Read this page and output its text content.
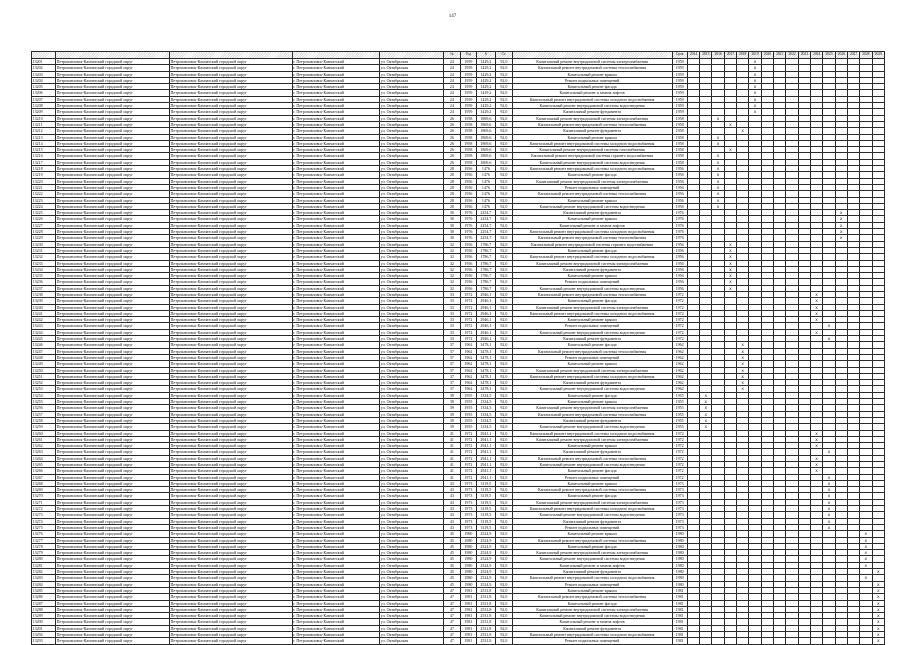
147
					№	Год	S	Ст.		Срок	2014	2015	2016	2017	2018	2019	2020	2021	2022	2023	2024	2025	2026	2027	2028	2029
13201	Петропавловск-Камчатский городской округ	Петропавловск-Камчатский городской округ	г. Петропавловск-Камчатский	ул. Октябрьская	24	1959	1429,2	92,0	Капитальный ремонт внутридомовой системы электроснабжения	1959						X										
13202	Петропавловск-Камчатский городской округ	Петропавловск-Камчатский городской округ	г. Петропавловск-Камчатский	ул. Октябрьская	24	1959	1429,2	92,0	Капитальный ремонт внутридомовой системы теплоснабжения	1959						X										
13203	Петропавловск-Камчатский городской округ	Петропавловск-Камчатский городской округ	г. Петропавловск-Камчатский	ул. Октябрьская	24	1959	1429,2	92,0	Капитальный ремонт крыши	1959						X										
13204	Петропавловск-Камчатский городской округ	Петропавловск-Камчатский городской округ	г. Петропавловск-Камчатский	ул. Октябрьская	24	1959	1429,2	92,0	Ремонт подвальных помещений	1959						X										
13205	Петропавловск-Камчатский городской округ	Петропавловск-Камчатский городской округ	г. Петропавловск-Камчатский	ул. Октябрьская	24	1959	1429,2	92,0	Капитальный ремонт фасада	1959						X										
13206	Петропавловск-Камчатский городской округ	Петропавловск-Камчатский городской округ	г. Петропавловск-Камчатский	ул. Октябрьская	24	1959	1429,2	92,0	Капитальный ремонт и замена лифтов	1959						X										
13207	Петропавловск-Камчатский городской округ	Петропавловск-Камчатский городской округ	г. Петропавловск-Камчатский	ул. Октябрьская	24	1959	1429,2	92,0	Капитальный ремонт внутридомовой системы холодного водоснабжения	1959						X										
13208	Петропавловск-Камчатский городской округ	Петропавловск-Камчатский городской округ	г. Петропавловск-Камчатский	ул. Октябрьская	24	1959	1429,2	92,0	Капитальный ремонт внутридомовой системы водоотведения	1959						X										
13209	Петропавловск-Камчатский городской округ	Петропавловск-Камчатский городской округ	г. Петропавловск-Камчатский	ул. Октябрьская	24	1959	1429,2	92,0	Капитальный ремонт фундамента	1959						X										
13210	Петропавловск-Камчатский городской округ	Петропавловск-Камчатский городской округ	г. Петропавловск-Камчатский	ул. Октябрьская	26	1958	1869,6	92,0	Капитальный ремонт внутридомовой системы электроснабжения	1958			X													
13211	Петропавловск-Камчатский городской округ	Петропавловск-Камчатский городской округ	г. Петропавловск-Камчатский	ул. Октябрьская	26	1958	1869,6	92,0	Капитальный ремонт внутридомовой системы теплоснабжения	1958				X												
13212	Петропавловск-Камчатский городской округ	Петропавловск-Камчатский городской округ	г. Петропавловск-Камчатский	ул. Октябрьская	26	1958	1869,6	92,0	Капитальный ремонт фундамента	1958					X											
13213	Петропавловск-Камчатский городской округ	Петропавловск-Камчатский городской округ	г. Петропавловск-Камчатский	ул. Октябрьская	26	1958	1869,6	92,0	Капитальный ремонт крыши	1958			X													
13214	Петропавловск-Камчатский городской округ	Петропавловск-Камчатский городской округ	г. Петропавловск-Камчатский	ул. Октябрьская	26	1958	1869,6	92,0	Капитальный ремонт внутридомовой системы холодного водоснабжения	1958			X													
13215	Петропавловск-Камчатский городской округ	Петропавловск-Камчатский городской округ	г. Петропавловск-Камчатский	ул. Октябрьская	26	1958	1869,6	92,0	Капитальный ремонт внутридомовой системы газоснабжения	1958				X												
13216	Петропавловск-Камчатский городской округ	Петропавловск-Камчатский городской округ	г. Петропавловск-Камчатский	ул. Октябрьская	26	1958	1869,6	92,0	Капитальный ремонт внутридомовой системы горячего водоснабжения	1958			X													
13217	Петропавловск-Камчатский городской округ	Петропавловск-Камчатский городской округ	г. Петропавловск-Камчатский	ул. Октябрьская	26	1958	1869,6	92,0	Капитальный ремонт внутридомовой системы водоотведения	1958			X													
13218	Петропавловск-Камчатский городской округ	Петропавловск-Камчатский городской округ	г. Петропавловск-Камчатский	ул. Октябрьская	28	1956	1476	92,0	Капитальный ремонт внутридомовой системы холодного водоснабжения	1956			X													
13219	Петропавловск-Камчатский городской округ	Петропавловск-Камчатский городской округ	г. Петропавловск-Камчатский	ул. Октябрьская	28	1956	1476	92,0	Капитальный ремонт фасада	1956			X													
13220	Петропавловск-Камчатский городской округ	Петропавловск-Камчатский городской округ	г. Петропавловск-Камчатский	ул. Октябрьская	28	1956	1476	92,0	Капитальный ремонт внутридомовой системы электроснабжения	1956			X													
13221	Петропавловск-Камчатский городской округ	Петропавловск-Камчатский городской округ	г. Петропавловск-Камчатский	ул. Октябрьская	28	1956	1476	92,0	Ремонт подвальных помещений	1956			X													
13222	Петропавловск-Камчатский городской округ	Петропавловск-Камчатский городской округ	г. Петропавловск-Камчатский	ул. Октябрьская	28	1956	1476	92,0	Капитальный ремонт внутридомовой системы теплоснабжения	1956			X													
13223	Петропавловск-Камчатский городской округ	Петропавловск-Камчатский городской округ	г. Петропавловск-Камчатский	ул. Октябрьская	28	1956	1476	92,0	Капитальный ремонт крыши	1956			X													
13224	Петропавловск-Камчатский городской округ	Петропавловск-Камчатский городской округ	г. Петропавловск-Камчатский	ул. Октябрьская	28	1956	1476	92,0	Капитальный ремонт внутридомовой системы водоотведения	1956			X													
13225	Петропавловск-Камчатский городской округ	Петропавловск-Камчатский городской округ	г. Петропавловск-Камчатский	ул. Октябрьская	30	1976	2254,7	92,0	Капитальный ремонт фундамента	1976													X			
13226	Петропавловск-Камчатский городской округ	Петропавловск-Камчатский городской округ	г. Петропавловск-Камчатский	ул. Октябрьская	30	1976	2254,7	92,0	Капитальный ремонт крыши	1976													X			
13227	Петропавловск-Камчатский городской округ	Петропавловск-Камчатский городской округ	г. Петропавловск-Камчатский	ул. Октябрьская	30	1976	2254,7	92,0	Капитальный ремонт и замена лифтов	1976													X			
13228	Петропавловск-Камчатский городской округ	Петропавловск-Камчатский городской округ	г. Петропавловск-Камчатский	ул. Октябрьская	30	1976	2254,7	92,0	Капитальный ремонт внутридомовой системы холодного водоснабжения	1976													X			
13229	Петропавловск-Камчатский городской округ	Петропавловск-Камчатский городской округ	г. Петропавловск-Камчатский	ул. Октябрьская	30	1976	2254,7	92,0	Капитальный ремонт внутридомовой системы теплоснабжения	1976													X			
13230	Петропавловск-Камчатский городской округ	Петропавловск-Камчатский городской округ	г. Петропавловск-Камчатский	ул. Октябрьская	32	1956	1786,7	92,0	Капитальный ремонт внутридомовой системы горячего водоснабжения	1956				X												
13231	Петропавловск-Камчатский городской округ	Петропавловск-Камчатский городской округ	г. Петропавловск-Камчатский	ул. Октябрьская	32	1956	1786,7	92,0	Капитальный ремонт фасада	1956				X												
13232	Петропавловск-Камчатский городской округ	Петропавловск-Камчатский городской округ	г. Петропавловск-Камчатский	ул. Октябрьская	32	1956	1786,7	92,0	Капитальный ремонт внутридомовой системы холодного водоснабжения	1956				X												
13233	Петропавловск-Камчатский городской округ	Петропавловск-Камчатский городской округ	г. Петропавловск-Камчатский	ул. Октябрьская	32	1956	1786,7	92,0	Капитальный ремонт внутридомовой системы электроснабжения	1956				X												
13234	Петропавловск-Камчатский городской округ	Петропавловск-Камчатский городской округ	г. Петропавловск-Камчатский	ул. Октябрьская	32	1956	1786,7	92,0	Капитальный ремонт фундамента	1956				X												
13235	Петропавловск-Камчатский городской округ	Петропавловск-Камчатский городской округ	г. Петропавловск-Камчатский	ул. Октябрьская	32	1956	1786,7	92,0	Капитальный ремонт крыши	1956				X												
13236	Петропавловск-Камчатский городской округ	Петропавловск-Камчатский городской округ	г. Петропавловск-Камчатский	ул. Октябрьская	32	1956	1786,7	92,0	Ремонт подвальных помещений	1956				X												
13237	Петропавловск-Камчатский городской округ	Петропавловск-Камчатский городской округ	г. Петропавловск-Камчатский	ул. Октябрьская	32	1956	1786,7	92,0	Капитальный ремонт внутридомовой системы водоотведения	1956				X												
13238	Петропавловск-Камчатский городской округ	Петропавловск-Камчатский городской округ	г. Петропавловск-Камчатский	ул. Октябрьская	33	1972	2946,1	92,0	Капитальный ремонт внутридомовой системы теплоснабжения	1972											X					
13239	Петропавловск-Камчатский городской округ	Петропавловск-Камчатский городской округ	г. Петропавловск-Камчатский	ул. Октябрьская	33	1972	2946,1	92,0	Капитальный ремонт фасада	1972											X					
13240	Петропавловск-Камчатский городской округ	Петропавловск-Камчатский городской округ	г. Петропавловск-Камчатский	ул. Октябрьская	33	1972	2946,1	92,0	Капитальный ремонт внутридомовой системы электроснабжения	1972											X					
13241	Петропавловск-Камчатский городской округ	Петропавловск-Камчатский городской округ	г. Петропавловск-Камчатский	ул. Октябрьская	33	1972	2946,1	92,0	Капитальный ремонт внутридомовой системы холодного водоснабжения	1972											X					
13242	Петропавловск-Камчатский городской округ	Петропавловск-Камчатский городской округ	г. Петропавловск-Камчатский	ул. Октябрьская	33	1972	2946,1	92,0	Капитальный ремонт крыши	1972											X					
13243	Петропавловск-Камчатский городской округ	Петропавловск-Камчатский городской округ	г. Петропавловск-Камчатский	ул. Октябрьская	33	1972	2946,1	92,0	Ремонт подвальных помещений	1972												X				
13244	Петропавловск-Камчатский городской округ	Петропавловск-Камчатский городской округ	г. Петропавловск-Камчатский	ул. Октябрьская	33	1972	2946,1	92,0	Капитальный ремонт внутридомовой системы водоотведения	1972											X					
13245	Петропавловск-Камчатский городской округ	Петропавловск-Камчатский городской округ	г. Петропавловск-Камчатский	ул. Октябрьская	33	1972	2946,1	92,0	Капитальный ремонт фундамента	1972												X				
13246	Петропавловск-Камчатский городской округ	Петропавловск-Камчатский городской округ	г. Петропавловск-Камчатский	ул. Октябрьская	37	1962	3478,1	92,0	Капитальный ремонт фасада	1962					X											
13247	Петропавловск-Камчатский городской округ	Петропавловск-Камчатский городской округ	г. Петропавловск-Камчатский	ул. Октябрьская	37	1962	3478,1	92,0	Капитальный ремонт внутридомовой системы теплоснабжения	1962					X											
13248	Петропавловск-Камчатский городской округ	Петропавловск-Камчатский городской округ	г. Петропавловск-Камчатский	ул. Октябрьская	37	1962	3478,1	92,0	Ремонт подвальных помещений	1962					X											
13249	Петропавловск-Камчатский городской округ	Петропавловск-Камчатский городской округ	г. Петропавловск-Камчатский	ул. Октябрьская	37	1962	3478,1	92,0	Капитальный ремонт крыши	1962					X											
13250	Петропавловск-Камчатский городской округ	Петропавловск-Камчатский городской округ	г. Петропавловск-Камчатский	ул. Октябрьская	37	1962	3478,1	92,0	Капитальный ремонт внутридомовой системы электроснабжения	1962					X											
13251	Петропавловск-Камчатский городской округ	Петропавловск-Камчатский городской округ	г. Петропавловск-Камчатский	ул. Октябрьская	37	1962	3478,1	92,0	Капитальный ремонт внутридомовой системы холодного водоснабжения	1962					X											
13252	Петропавловск-Камчатский городской округ	Петропавловск-Камчатский городской округ	г. Петропавловск-Камчатский	ул. Октябрьская	37	1962	3478,1	92,0	Капитальный ремонт фундамента	1962					X											
13253	Петропавловск-Камчатский городской округ	Петропавловск-Камчатский городской округ	г. Петропавловск-Камчатский	ул. Октябрьская	37	1962	3478,1	92,0	Капитальный ремонт внутридомовой системы водоотведения	1962					X											
13254	Петропавловск-Камчатский городской округ	Петропавловск-Камчатский городской округ	г. Петропавловск-Камчатский	ул. Октябрьская	39	1955	1334,5	92,0	Капитальный ремонт фасада	1955		X														
13255	Петропавловск-Камчатский городской округ	Петропавловск-Камчатский городской округ	г. Петропавловск-Камчатский	ул. Октябрьская	39	1955	1334,5	92,0	Капитальный ремонт крыши	1955		X														
13256	Петропавловск-Камчатский городской округ	Петропавловск-Камчатский городской округ	г. Петропавловск-Камчатский	ул. Октябрьская	39	1955	1334,5	92,0	Капитальный ремонт внутридомовой системы электроснабжения	1955		X														
13257	Петропавловск-Камчатский городской округ	Петропавловск-Камчатский городской округ	г. Петропавловск-Камчатский	ул. Октябрьская	39	1955	1334,5	92,0	Капитальный ремонт внутридомовой системы теплоснабжения	1955		X														
13258	Петропавловск-Камчатский городской округ	Петропавловск-Камчатский городской округ	г. Петропавловск-Камчатский	ул. Октябрьская	39	1955	1334,5	92,0	Капитальный ремонт фундамента	1955		X														
13259	Петропавловск-Камчатский городской округ	Петропавловск-Камчатский городской округ	г. Петропавловск-Камчатский	ул. Октябрьская	39	1955	1334,5	92,0	Капитальный ремонт внутридомовой системы водоотведения	1955		X														
13260	Петропавловск-Камчатский городской округ	Петропавловск-Камчатский городской округ	г. Петропавловск-Камчатский	ул. Октябрьская	41	1972	2941,1	92,0	Капитальный ремонт внутридомовой системы холодного водоснабжения	1972											X					
13261	Петропавловск-Камчатский городской округ	Петропавловск-Камчатский городской округ	г. Петропавловск-Камчатский	ул. Октябрьская	41	1972	2941,1	92,0	Капитальный ремонт внутридомовой системы электроснабжения	1972											X					
13262	Петропавловск-Камчатский городской округ	Петропавловск-Камчатский городской округ	г. Петропавловск-Камчатский	ул. Октябрьская	41	1972	2941,1	92,0	Капитальный ремонт крыши	1972											X					
13263	Петропавловск-Камчатский городской округ	Петропавловск-Камчатский городской округ	г. Петропавловск-Камчатский	ул. Октябрьская	41	1972	2941,1	92,0	Капитальный ремонт фундамента	1972												X				
13264	Петропавловск-Камчатский городской округ	Петропавловск-Камчатский городской округ	г. Петропавловск-Камчатский	ул. Октябрьская	41	1972	2941,1	92,0	Капитальный ремонт внутридомовой системы теплоснабжения	1972											X					
13265	Петропавловск-Камчатский городской округ	Петропавловск-Камчатский городской округ	г. Петропавловск-Камчатский	ул. Октябрьская	41	1972	2941,1	92,0	Капитальный ремонт внутридомовой системы водоотведения	1972											X					
13266	Петропавловск-Камчатский городской округ	Петропавловск-Камчатский городской округ	г. Петропавловск-Камчатский	ул. Октябрьская	41	1972	2941,1	92,0	Капитальный ремонт фасада	1972											X					
13267	Петропавловск-Камчатский городской округ	Петропавловск-Камчатский городской округ	г. Петропавловск-Камчатский	ул. Октябрьская	41	1972	2941,1	92,0	Ремонт подвальных помещений	1972												X				
13268	Петропавловск-Камчатский городской округ	Петропавловск-Камчатский городской округ	г. Петропавловск-Камчатский	ул. Октябрьская	43	1973	3119,5	92,0	Капитальный ремонт крыши	1973												X				
13269	Петропавловск-Камчатский городской округ	Петропавловск-Камчатский городской округ	г. Петропавловск-Камчатский	ул. Октябрьская	43	1973	3119,5	92,0	Капитальный ремонт внутридомовой системы теплоснабжения	1973												X				
13270	Петропавловск-Камчатский городской округ	Петропавловск-Камчатский городской округ	г. Петропавловск-Камчатский	ул. Октябрьская	43	1973	3119,5	92,0	Капитальный ремонт фасада	1973												X				
13271	Петропавловск-Камчатский городской округ	Петропавловск-Камчатский городской округ	г. Петропавловск-Камчатский	ул. Октябрьская	43	1973	3119,5	92,0	Капитальный ремонт внутридомовой системы электроснабжения	1973												X				
13272	Петропавловск-Камчатский городской округ	Петропавловск-Камчатский городской округ	г. Петропавловск-Камчатский	ул. Октябрьская	43	1973	3119,5	92,0	Капитальный ремонт внутридомовой системы холодного водоснабжения	1973												X				
13273	Петропавловск-Камчатский городской округ	Петропавловск-Камчатский городской округ	г. Петропавловск-Камчатский	ул. Октябрьская	43	1973	3119,5	92,0	Капитальный ремонт внутридомовой системы водоотведения	1973												X				
13274	Петропавловск-Камчатский городской округ	Петропавловск-Камчатский городской округ	г. Петропавловск-Камчатский	ул. Октябрьская	43	1973	3119,5	92,0	Капитальный ремонт фундамента	1973												X				
13275	Петропавловск-Камчатский городской округ	Петропавловск-Камчатский городской округ	г. Петропавловск-Камчатский	ул. Октябрьская	43	1973	3119,5	92,0	Ремонт подвальных помещений	1973												X				
13276	Петропавловск-Камчатский городской округ	Петропавловск-Камчатский городской округ	г. Петропавловск-Камчатский	ул. Октябрьская	45	1980	2524,9	92,0	Капитальный ремонт крыши	1980															X	
13277	Петропавловск-Камчатский городской округ	Петропавловск-Камчатский городской округ	г. Петропавловск-Камчатский	ул. Октябрьская	45	1980	2524,9	92,0	Капитальный ремонт внутридомовой системы теплоснабжения	1980															X	
13278	Петропавловск-Камчатский городской округ	Петропавловск-Камчатский городской округ	г. Петропавловск-Камчатский	ул. Октябрьская	45	1980	2524,9	92,0	Капитальный ремонт фасада	1980															X	
13279	Петропавловск-Камчатский городской округ	Петропавловск-Камчатский городской округ	г. Петропавловск-Камчатский	ул. Октябрьская	45	1980	2524,9	92,0	Капитальный ремонт внутридомовой системы электроснабжения	1980															X	
13280	Петропавловск-Камчатский городской округ	Петропавловск-Камчатский городской округ	г. Петропавловск-Камчатский	ул. Октябрьская	45	1980	2524,9	92,0	Капитальный ремонт внутридомовой системы водоотведения	1980															X	
13281	Петропавловск-Камчатский городской округ	Петропавловск-Камчатский городской округ	г. Петропавловск-Камчатский	ул. Октябрьская	45	1980	2524,9	92,0	Капитальный ремонт и замена лифтов	1980															X	
13282	Петропавловск-Камчатский городской округ	Петропавловск-Камчатский городской округ	г. Петропавловск-Камчатский	ул. Октябрьская	45	1980	2524,9	92,0	Капитальный ремонт фундамента	1980																X
13283	Петропавловск-Камчатский городской округ	Петропавловск-Камчатский городской округ	г. Петропавловск-Камчатский	ул. Октябрьская	45	1980	2524,9	92,0	Капитальный ремонт внутридомовой системы холодного водоснабжения	1980															X	
13284	Петропавловск-Камчатский городской округ	Петропавловск-Камчатский городской округ	г. Петропавловск-Камчатский	ул. Октябрьская	45	1980	2524,9	92,0	Ремонт подвальных помещений	1980																X
13285	Петропавловск-Камчатский городской округ	Петропавловск-Камчатский городской округ	г. Петропавловск-Камчатский	ул. Октябрьская	47	1981	2531,8	92,0	Капитальный ремонт крыши	1981																X
13286	Петропавловск-Камчатский городской округ	Петропавловск-Камчатский городской округ	г. Петропавловск-Камчатский	ул. Октябрьская	47	1981	2531,8	92,0	Капитальный ремонт внутридомовой системы теплоснабжения	1981																X
13287	Петропавловск-Камчатский городской округ	Петропавловск-Камчатский городской округ	г. Петропавловск-Камчатский	ул. Октябрьская	47	1981	2531,8	92,0	Капитальный ремонт фасада	1981																X
13288	Петропавловск-Камчатский городской округ	Петропавловск-Камчатский городской округ	г. Петропавловск-Камчатский	ул. Октябрьская	47	1981	2531,8	92,0	Капитальный ремонт внутридомовой системы электроснабжения	1981																X
13289	Петропавловск-Камчатский городской округ	Петропавловск-Камчатский городской округ	г. Петропавловск-Камчатский	ул. Октябрьская	47	1981	2531,8	92,0	Капитальный ремонт внутридомовой системы водоотведения	1981																X
13290	Петропавловск-Камчатский городской округ	Петропавловск-Камчатский городской округ	г. Петропавловск-Камчатский	ул. Октябрьская	47	1981	2531,8	92,0	Капитальный ремонт и замена лифтов	1981																X
13291	Петропавловск-Камчатский городской округ	Петропавловск-Камчатский городской округ	г. Петропавловск-Камчатский	ул. Октябрьская	47	1981	2531,8	92,0	Капитальный ремонт фундамента	1981																X
13292	Петропавловск-Камчатский городской округ	Петропавловск-Камчатский городской округ	г. Петропавловск-Камчатский	ул. Октябрьская	47	1981	2531,8	92,0	Капитальный ремонт внутридомовой системы холодного водоснабжения	1981																X
13293	Петропавловск-Камчатский городской округ	Петропавловск-Камчатский городской округ	г. Петропавловск-Камчатский	ул. Октябрьская	47	1981	2531,8	92,0	Ремонт подвальных помещений	1981																X
